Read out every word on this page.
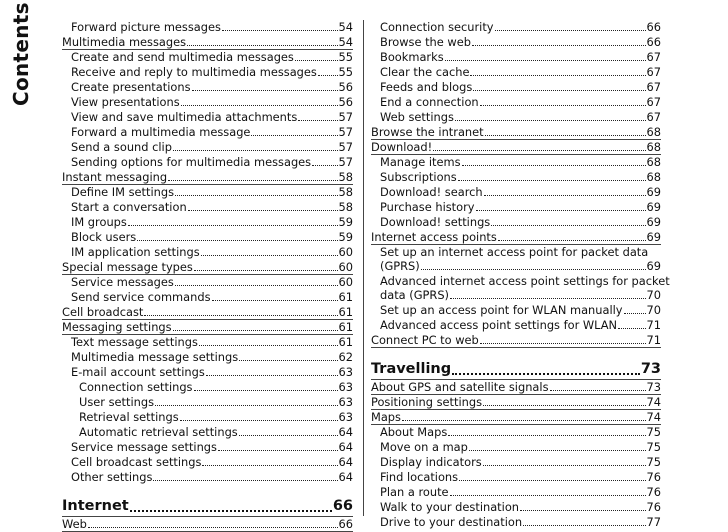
Contents	Forward picture messages	54
Multimedia messages	54
Create and send multimedia messages	55
Receive and reply to multimedia messages 55
Create presentations	56
View presentations	56
View and save multimedia attachments	57
Forward a multimedia message	57
Send a sound clip	57
Sending options for multimedia messages 57
Instant messaging	58
Define IM settings	58
Start a conversation	58
IM groups	59
Block users	59
IM application settings	60
Special message types	60
Service messages	60
Send service commands	61
Cell broadcast	61
Messaging settings	61
Text message settings	61
Multimedia message settings	62
E-mail account settings	63
Connection settings	63
User settings	63
Retrieval settings	63
Automatic retrieval settings	64
Service message settings	64
Cell broadcast settings	64
Other settings	64
Internet	66
Web	66
Connection security	66
Browse the web	66
Bookmarks	67
Clear the cache	67
Feeds and blogs	67
End a connection	67
Web settings	67
Browse the intranet	68
Download!	68
Manage items	68
Subscriptions	68
Download! search	69
Purchase history	69
Download! settings	69
Internet access points	69
Set up an internet access point for packet data
(GPRS)	69
Advanced internet access point settings for packet
data (GPRS)	70
Set up an access point for WLAN manually 70
Advanced access point settings for WLAN	71
Connect PC to web	71
Travelling	73
About GPS and satellite signals	73
Positioning settings	74
Maps	74
About Maps	75
Move on a map	75
Display indicators	75
Find locations	76
Plan a route	76
Walk to your destination	76
Drive to your destination	77
